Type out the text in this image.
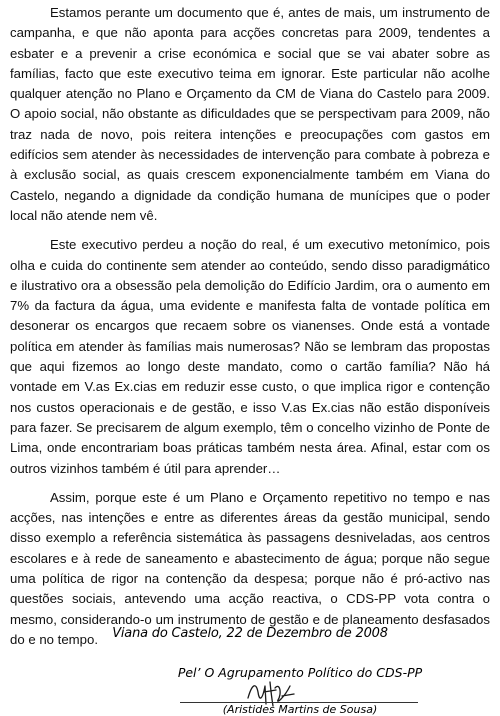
Estamos perante um documento que é, antes de mais, um instrumento de campanha, e que não aponta para acções concretas para 2009, tendentes a esbater e a prevenir a crise económica e social que se vai abater sobre as famílias, facto que este executivo teima em ignorar. Este particular não acolhe qualquer atenção no Plano e Orçamento da CM de Viana do Castelo para 2009. O apoio social, não obstante as dificuldades que se perspectivam para 2009, não traz nada de novo, pois reitera intenções e preocupações com gastos em edifícios sem atender às necessidades de intervenção para combate à pobreza e à exclusão social, as quais crescem exponencialmente também em Viana do Castelo, negando a dignidade da condição humana de munícipes que o poder local não atende nem vê.

Este executivo perdeu a noção do real, é um executivo metonímico, pois olha e cuida do continente sem atender ao conteúdo, sendo disso paradigmático e ilustrativo ora a obsessão pela demolição do Edifício Jardim, ora o aumento em 7% da factura da água, uma evidente e manifesta falta de vontade política em desonerar os encargos que recaem sobre os vianenses. Onde está a vontade política em atender às famílias mais numerosas? Não se lembram das propostas que aqui fizemos ao longo deste mandato, como o cartão família? Não há vontade em V.as Ex.cias em reduzir esse custo, o que implica rigor e contenção nos custos operacionais e de gestão, e isso V.as Ex.cias não estão disponíveis para fazer. Se precisarem de algum exemplo, têm o concelho vizinho de Ponte de Lima, onde encontrariam boas práticas também nesta área. Afinal, estar com os outros vizinhos também é útil para aprender…

Assim, porque este é um Plano e Orçamento repetitivo no tempo e nas acções, nas intenções e entre as diferentes áreas da gestão municipal, sendo disso exemplo a referência sistemática às passagens desniveladas, aos centros escolares e à rede de saneamento e abastecimento de água; porque não segue uma política de rigor na contenção da despesa; porque não é pró-activo nas questões sociais, antevendo uma acção reactiva, o CDS-PP vota contra o mesmo, considerando-o um instrumento de gestão e de planeamento desfasados do e no tempo.	Viana do Castelo, 22 de Dezembro de 2008
Pel’ O Agrupamento Político do CDS-PP
(Aristides Martins de Sousa)
